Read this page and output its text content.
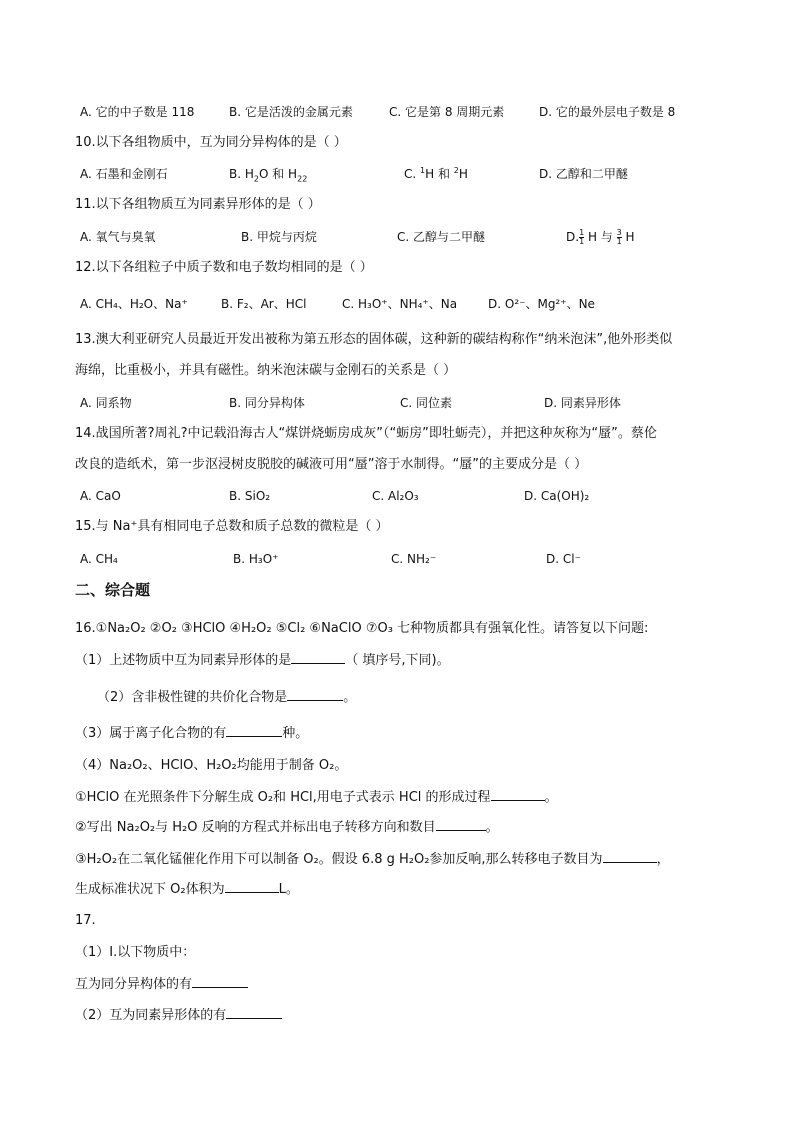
A. 它的中子数是 118	B. 它是活泼的金属元素	C. 它是第 8 周期元素	D. 它的最外层电子数是 8
10.以下各组物质中，互为同分异构体的是（ ）
A. 石墨和金刚石	B. $H_2O$ 和 $H_{22}$	C. $^1$H 和 $^2$H	D. 乙醇和二甲醚
11.以下各组物质互为同素异形体的是（ ）
A. 氧气与臭氧	B. 甲烷与丙烷	C. 乙醇与二甲醚	D. $\frac{1}{1}$ H 与 $\frac{3}{1}$ H
12.以下各组粒子中质子数和电子数均相同的是（ ）
A. CH₄、H₂O、Na⁺	B. F₂、Ar、HCl	C. H₃O⁺、NH₄⁺、Na	D. O²⁻、Mg²⁺、Ne
13.澳大利亚研究人员最近开发出被称为第五形态的固体碳，这种新的碳结构称作“纳米泡沫”,他外形类似
海绵，比重极小，并具有磁性。纳米泡沫碳与金刚石的关系是（ ）
A. 同系物	B. 同分异构体	C. 同位素	D. 同素异形体
14.战国所著?周礼?中记载沿海古人“煤饼烧蛎房成灰”（“蛎房”即牡蛎壳），并把这种灰称为“蜃”。蔡伦
改良的造纸术，第一步沤浸树皮脱胶的碱液可用“蜃”溶于水制得。“蜃”的主要成分是（ ）
A. CaO	B. SiO₂	C. Al₂O₃	D. Ca(OH)₂
15.与 Na⁺具有相同电子总数和质子总数的微粒是（ ）
A. CH₄	B. H₃O⁺	C. NH₂⁻	D. Cl⁻
二、综合题
16.①Na₂O₂ ②O₂ ③HClO ④H₂O₂ ⑤Cl₂ ⑥NaClO ⑦O₃ 七种物质都具有强氧化性。请答复以下问题:
（1）上述物质中互为同素异形体的是	（ 填序号,下同)。
（2）含非极性键的共价化合物是	。
（3）属于离子化合物的有	种。
（4）Na₂O₂、HClO、H₂O₂均能用于制备 O₂。
①HClO 在光照条件下分解生成 O₂和 HCl,用电子式表示 HCl 的形成过程	。
②写出 Na₂O₂与 H₂O 反响的方程式并标出电子转移方向和数目	。
③H₂O₂在二氧化锰催化作用下可以制备 O₂。假设 6.8 g H₂O₂参加反响,那么转移电子数目为	，
生成标准状况下 O₂体积为	L。
17.
（1）Ⅰ.以下物质中：
互为同分异构体的有
（2）互为同素异形体的有
